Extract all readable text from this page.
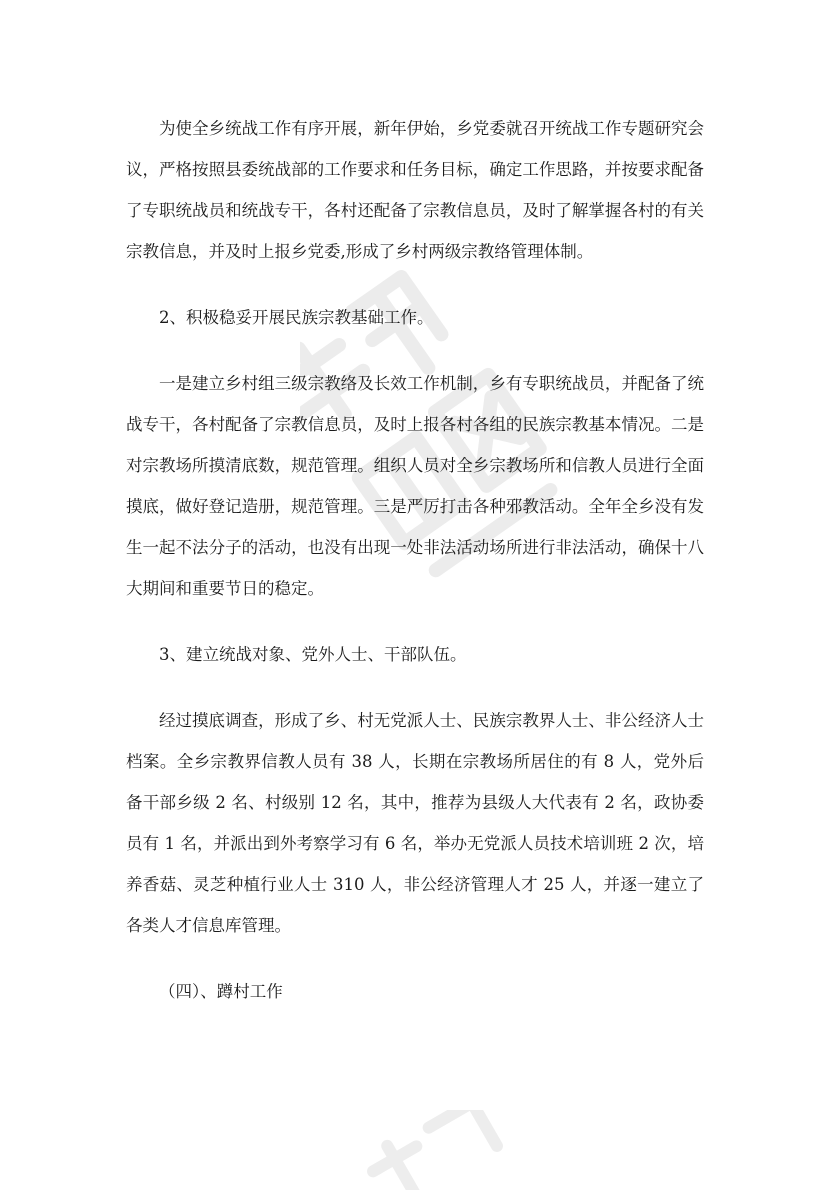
为使全乡统战工作有序开展，新年伊始，乡党委就召开统战工作专题研究会议，严格按照县委统战部的工作要求和任务目标，确定工作思路，并按要求配备了专职统战员和统战专干，各村还配备了宗教信息员，及时了解掌握各村的有关宗教信息，并及时上报乡党委,形成了乡村两级宗教络管理体制。

2、积极稳妥开展民族宗教基础工作。

一是建立乡村组三级宗教络及长效工作机制，乡有专职统战员，并配备了统战专干，各村配备了宗教信息员，及时上报各村各组的民族宗教基本情况。二是对宗教场所摸清底数，规范管理。组织人员对全乡宗教场所和信教人员进行全面摸底，做好登记造册，规范管理。三是严厉打击各种邪教活动。全年全乡没有发生一起不法分子的活动，也没有出现一处非法活动场所进行非法活动，确保十八大期间和重要节日的稳定。

3、建立统战对象、党外人士、干部队伍。

经过摸底调查，形成了乡、村无党派人士、民族宗教界人士、非公经济人士档案。全乡宗教界信教人员有 38 人，长期在宗教场所居住的有 8 人，党外后备干部乡级 2 名、村级别 12 名，其中，推荐为县级人大代表有 2 名，政协委员有 1 名，并派出到外考察学习有 6 名，举办无党派人员技术培训班 2 次，培养香菇、灵芝种植行业人士 310 人，非公经济管理人才 25 人，并逐一建立了各类人才信息库管理。

（四）、蹲村工作
